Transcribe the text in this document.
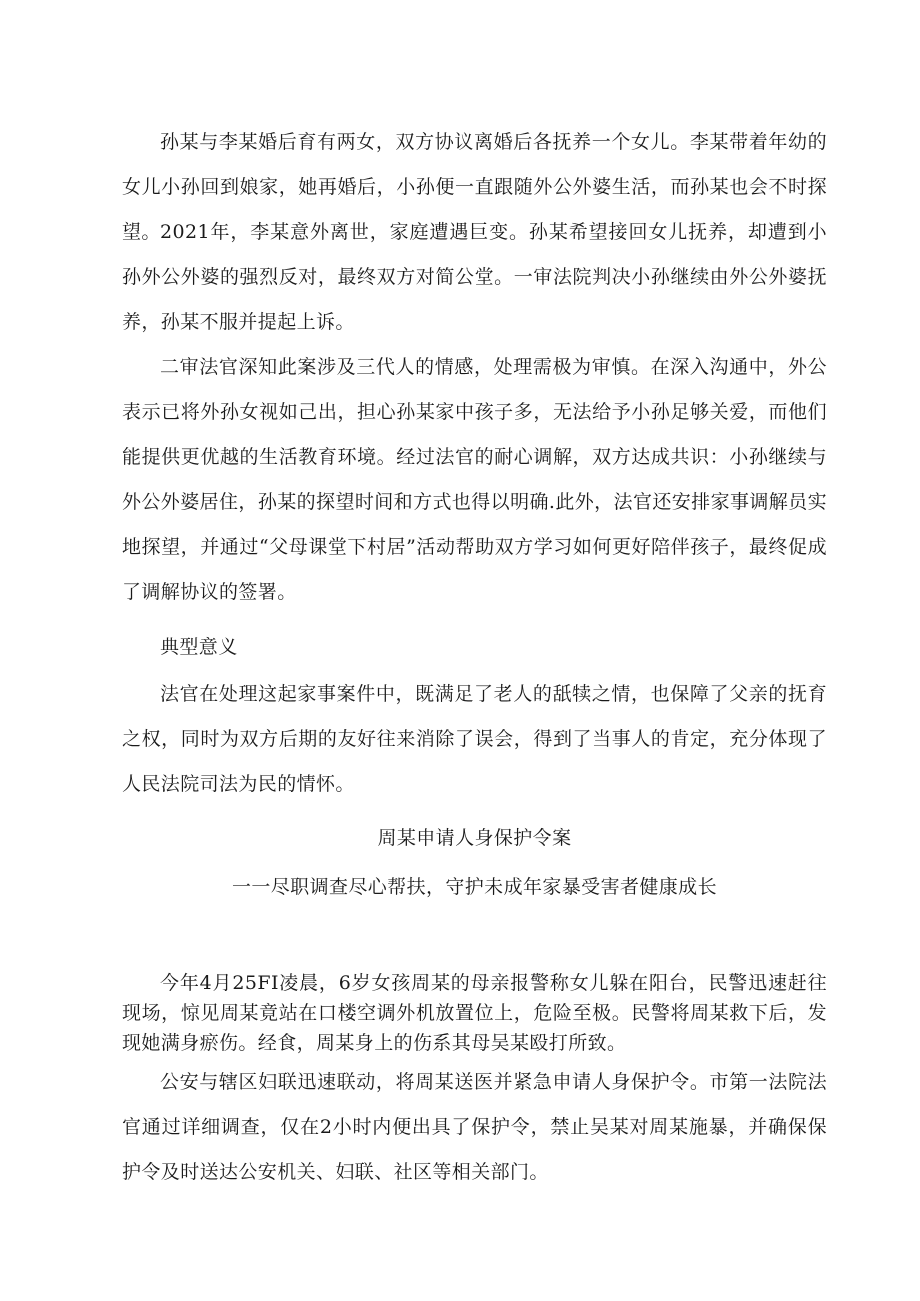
孙某与李某婚后育有两女，双方协议离婚后各抚养一个女儿。李某带着年幼的女儿小孙回到娘家，她再婚后，小孙便一直跟随外公外婆生活，而孙某也会不时探望。 2021年，李某意外离世，家庭遭遇巨变。孙某希望接回女儿抚养，却遭到小孙外公外婆的强烈反对，最终双方对简公堂。一审法院判决小孙继续由外公外婆抚养，孙某不服并提起上诉。

二审法官深知此案涉及三代人的情感，处理需极为审慎。在深入沟通中，外公表示已将外孙女视如己出，担心孙某家中孩子多，无法给予小孙足够关爱，而他们能提供更优越的生活教育环境。经过法官的耐心调解，双方达成共识：小孙继续与外公外婆居住，孙某的探望时间和方式也得以明确.此外，法官还安排家事调解员实地探望，并通过“父母课堂下村居”活动帮助双方学习如何更好陪伴孩子，最终促成了调解协议的签署。

典型意义

法官在处理这起家事案件中，既满足了老人的舐犊之情，也保障了父亲的抚育之权，同时为双方后期的友好往来消除了误会，得到了当事人的肯定，充分体现了人民法院司法为民的情怀。

周某申请人身保护令案

一一尽职调查尽心帮扶，守护未成年家暴受害者健康成长

今年4月25FI凌晨，6岁女孩周某的母亲报警称女儿躲在阳台，民警迅速赶往现场，惊见周某竟站在口楼空调外机放置位上，危险至极。民警将周某救下后，发现她满身瘀伤。经食，周某身上的伤系其母吴某殴打所致。

公安与辖区妇联迅速联动，将周某送医并紧急申请人身保护令。市第一法院法官通过详细调查，仅在2小时内便出具了保护令，禁止吴某对周某施暴，并确保保护令及时送达公安机关、妇联、社区等相关部门。
